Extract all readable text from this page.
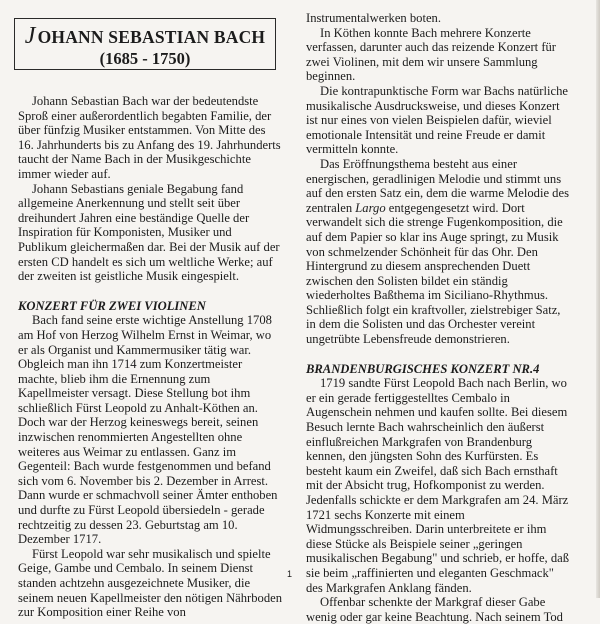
J OHANN SEBASTIAN BACH
(1685 - 1750)

Johann Sebastian Bach war der bedeutendste
Sproß einer außerordentlich begabten Familie, der
über fünfzig Musiker entstammen. Von Mitte des
16. Jahrhunderts bis zu Anfang des 19. Jahrhunderts
taucht der Name Bach in der Musikgeschichte
immer wieder auf.

Johann Sebastians geniale Begabung fand
allgemeine Anerkennung und stellt seit über
dreihundert Jahren eine beständige Quelle der
Inspiration für Komponisten, Musiker und
Publikum gleichermaßen dar. Bei der Musik auf der
ersten CD handelt es sich um weltliche Werke; auf
der zweiten ist geistliche Musik eingespielt.

KONZERT FÜR ZWEI VIOLINEN

Bach fand seine erste wichtige Anstellung 1708
am Hof von Herzog Wilhelm Ernst in Weimar, wo
er als Organist und Kammermusiker tätig war.
Obgleich man ihn 1714 zum Konzertmeister
machte, blieb ihm die Ernennung zum
Kapellmeister versagt. Diese Stellung bot ihm
schließlich Fürst Leopold zu Anhalt-Köthen an.
Doch war der Herzog keineswegs bereit, seinen
inzwischen renommierten Angestellten ohne
weiteres aus Weimar zu entlassen. Ganz im
Gegenteil: Bach wurde festgenommen und befand
sich vom 6. November bis 2. Dezember in Arrest.
Dann wurde er schmachvoll seiner Ämter enthoben
und durfte zu Fürst Leopold übersiedeln - gerade
rechtzeitig zu dessen 23. Geburtstag am 10.
Dezember 1717.

Fürst Leopold war sehr musikalisch und spielte
Geige, Gambe und Cembalo. In seinem Dienst
standen achtzehn ausgezeichnete Musiker, die
seinem neuen Kapellmeister den nötigen Nährboden
zur Komposition einer Reihe von

Instrumentalwerken boten.

In Köthen konnte Bach mehrere Konzerte
verfassen, darunter auch das reizende Konzert für
zwei Violinen, mit dem wir unsere Sammlung
beginnen.

Die kontrapunktische Form war Bachs natürliche
musikalische Ausdrucksweise, und dieses Konzert
ist nur eines von vielen Beispielen dafür, wieviel
emotionale Intensität und reine Freude er damit
vermitteln konnte.

Das Eröffnungsthema besteht aus einer
energischen, geradlinigen Melodie und stimmt uns
auf den ersten Satz ein, dem die warme Melodie des
zentralen Largo entgegengesetzt wird. Dort
verwandelt sich die strenge Fugenkomposition, die
auf dem Papier so klar ins Auge springt, zu Musik
von schmelzender Schönheit für das Ohr. Den
Hintergrund zu diesem ansprechenden Duett
zwischen den Solisten bildet ein ständig
wiederholtes Baßthema im Siciliano-Rhythmus.
Schließlich folgt ein kraftvoller, zielstrebiger Satz,
in dem die Solisten und das Orchester vereint
ungetrübte Lebensfreude demonstrieren.

BRANDENBURGISCHES KONZERT NR.4

1719 sandte Fürst Leopold Bach nach Berlin, wo
er ein gerade fertiggestelltes Cembalo in
Augenschein nehmen und kaufen sollte. Bei diesem
Besuch lernte Bach wahrscheinlich den äußerst
einflußreichen Markgrafen von Brandenburg
kennen, den jüngsten Sohn des Kurfürsten. Es
besteht kaum ein Zweifel, daß sich Bach ernsthaft
mit der Absicht trug, Hofkomponist zu werden.
Jedenfalls schickte er dem Markgrafen am 24. März
1721 sechs Konzerte mit einem
Widmungsschreiben. Darin unterbreitete er ihm
diese Stücke als Beispiele seiner „geringen
musikalischen Begabung" und schrieb, er hoffe, daß
sie beim „raffinierten und eleganten Geschmack"
des Markgrafen Anklang fänden.

Offenbar schenkte der Markgraf dieser Gabe
wenig oder gar keine Beachtung. Nach seinem Tod

1
